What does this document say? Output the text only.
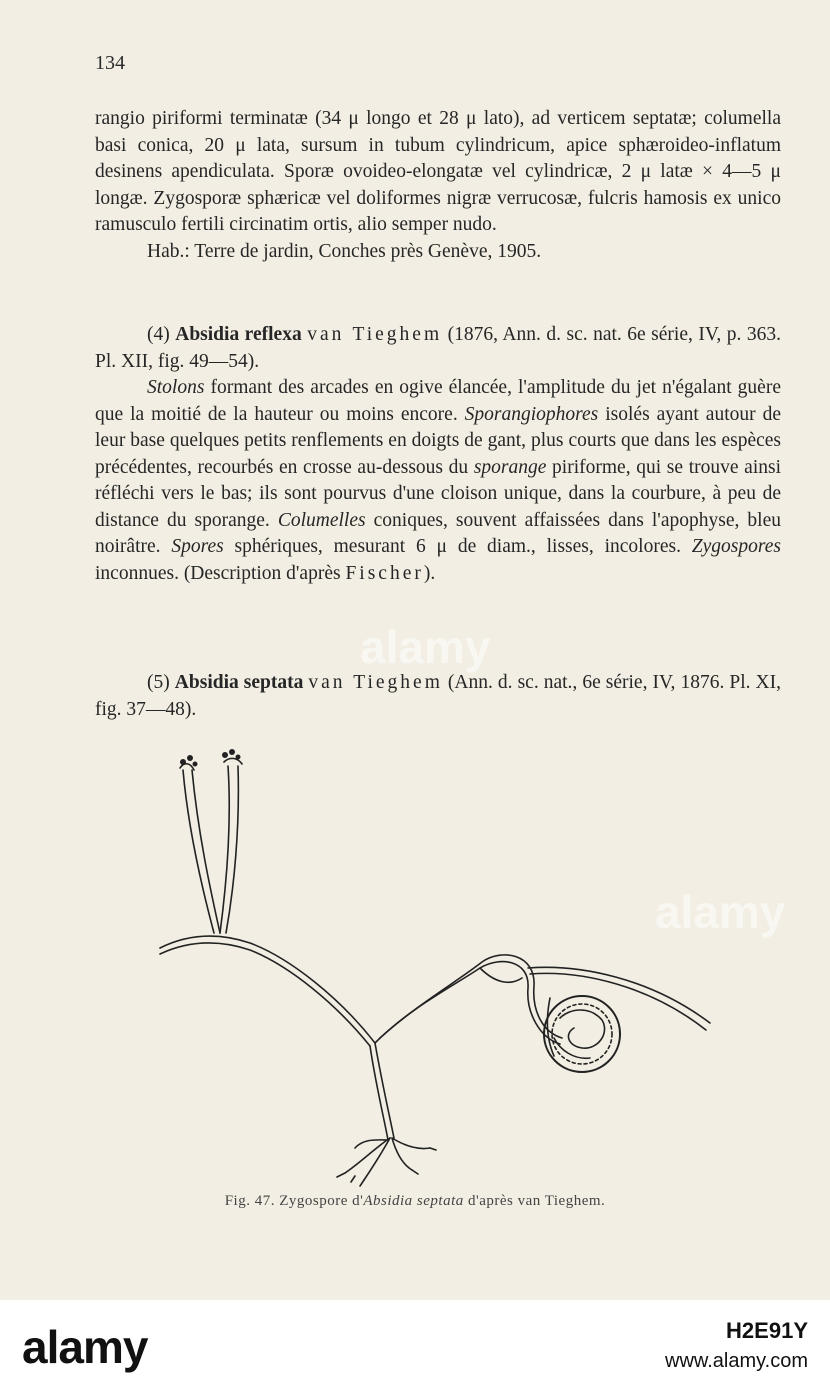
134

rangio piriformi terminatæ (34 μ longo et 28 μ lato), ad verticem septatæ; columella basi conica, 20 μ lata, sursum in tubum cylindricum, apice sphæroideo-inflatum desinens apendiculata. Sporæ ovoideo-elongatæ vel cylindricæ, 2 μ latæ × 4—5 μ longæ. Zygosporæ sphæricæ vel doliformes nigræ verrucosæ, fulcris hamosis ex unico ramusculo fertili circinatim ortis, alio semper nudo.

Hab.: Terre de jardin, Conches près Genève, 1905.

(4) Absidia reflexa van Tieghem (1876, Ann. d. sc. nat. 6e série, IV, p. 363. Pl. XII, fig. 49—54).

Stolons formant des arcades en ogive élancée, l'amplitude du jet n'égalant guère que la moitié de la hauteur ou moins encore. Sporangiophores isolés ayant autour de leur base quelques petits renflements en doigts de gant, plus courts que dans les espèces précédentes, recourbés en crosse au-dessous du sporange piriforme, qui se trouve ainsi réfléchi vers le bas; ils sont pourvus d'une cloison unique, dans la courbure, à peu de distance du sporange. Columelles coniques, souvent affaissées dans l'apophyse, bleu noirâtre. Spores sphériques, mesurant 6 μ de diam., lisses, incolores. Zygospores inconnues. (Description d'après Fischer).

(5) Absidia septata van Tieghem (Ann. d. sc. nat., 6e série, IV, 1876. Pl. XI, fig. 37—48).

Fig. 47. Zygospore d'Absidia septata d'après van Tieghem.
alamy
alamy
alamy	H2E91Y
www.alamy.com
